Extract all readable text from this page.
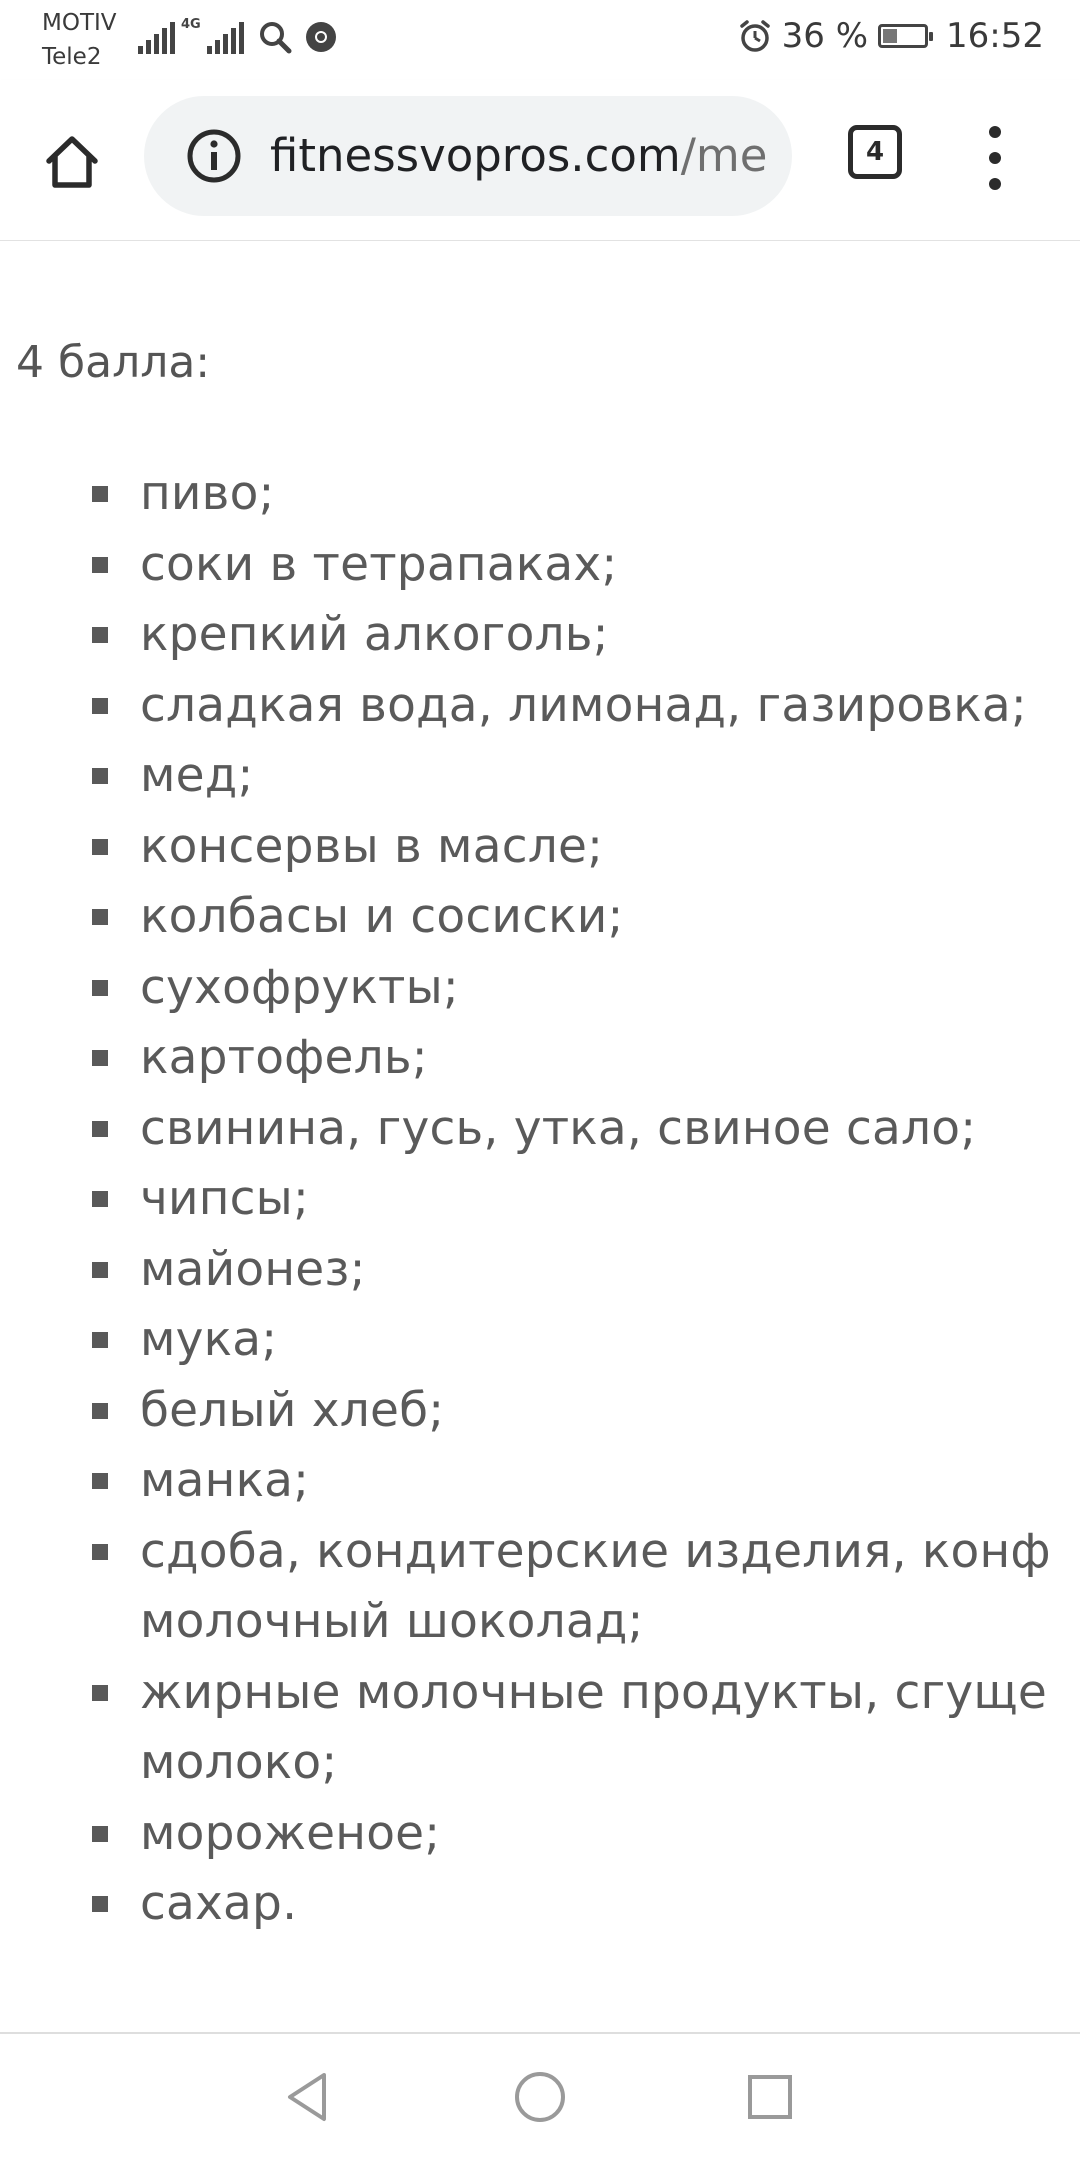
MOTIV
Tele2
4G	36 % 16:52
fitnessvopros.com/me	4
4 балла:
пиво;
соки в тетрапаках;
крепкий алкоголь;
сладкая вода, лимонад, газировка;
мед;
консервы в масле;
колбасы и сосиски;
сухофрукты;
картофель;
свинина, гусь, утка, свиное сало;
чипсы;
майонез;
мука;
белый хлеб;
манка;
сдоба, кондитерские изделия, конф
молочный шоколад;
жирные молочные продукты, сгуще
молоко;
мороженое;
сахар.
